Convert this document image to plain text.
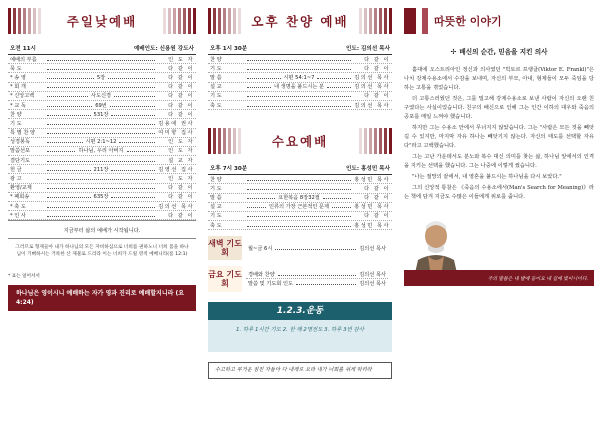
주일낮예배
오전 11시	예배인도: 신용원 강도사
예배의 부름	인 도 자
묵 도	다 같 이
* 송 영	5장	다 같 이
* 회 개	다 같 이
* 신앙고백	사도신경	다 같 이
* 교 독	69번	다 같 이
찬 양	531장	다 같 이
기 도	김용애 권사
특 별 찬 양	여미향 집사
성경봉독	시편 2:1~12	인 도 자
말씀선포	하나님, 우리 아버지	인 도 자
결단기도	설 교 자
헌 금	211장	김영선 집사
광 고	인 도 자
환영/교제	다 같 이
* 폐회송	635장	다 같 이
* 축 도	김의선 목사
* 인 사	다 같 이
지금부터 삶의 예배가 시작됩니다.
그러므로 형제들아 내가 하나님의 모든 자비하심으로 너희를 권하노니 너희 몸을 하나님이 기뻐하시는 거룩한 산 제물로 드리라 이는 너희가 드릴 영적 예배니라(롬 12:1)
* 표는 일어서서
하나님은 영이시니 예배하는 자가 영과 진리로 예배할지니라 (요4:24)
오후 찬양 예배
오후 1시 30분	인도: 김의선 목사
찬 양	다 같 이
기 도	다 같 이
말 씀	시편 54:1~7	김의선 목사
설 교	내 생명을 붙드시는 분	김의선 목사
기 도	다 같 이
축 도	김의선 목사
수요예배
오후 7시 30분	인도: 홍성민 목사
찬 양	홍성민 목사
기 도	다 같 이
말 씀	요한복음 8장32절	다 같 이
설 교	인류의 가장 근본적인 문제	홍성민 목사
기 도	다 같 이
축 도	홍성민 목사
새벽 기도회	월~금 6시	김의선 목사
금요 기도회
경배와 찬양	김의선 목사
말씀 및 기도회 인도	김의선 목사
1.2.3.운동
1. 하루 1시간 기도 2. 한 해 2명전도 3. 하루 3번 감사
수고하고 무거운 짐진 자들아 다 내게로 오라 내가 너희를 쉬게 하리라
따뜻한 이야기
✢ 배신의 순간, 믿음을 지킨 의사

홀대에 오스트리아인 정신과 의사였던 "빅토르 프랭클(Viktor E. Frankl)"은 나치 강제수용소에서 수감을 보내며, 자신의 부모, 아내, 형제들이 모두 죽임을 당하는 고통을 겪었습니다.

더 고통스러웠던 것은, 그를 밀고해 강제수용소로 보낸 사람이 자신의 오랜 친구였다는 사실이었습니다. 친구의 배신으로 인해 그는 인간 이하의 대우와 죽음의 공포를 매일 느껴야 했습니다.

하지만 그는 수용소 안에서 무너지지 않았습니다. 그는 "사람은 모든 것을 빼앗길 수 있지만, 마지막 자유 하나는 빼앗기지 않는다. 자신의 태도를 선택할 자유다"라고 고백했습니다.

그는 고난 가운데서도 분노와 복수 대신 의미를 찾는 삶, 하나님 앞에서의 인격을 지키는 선택을 했습니다. 그는 나중에 이렇게 썼습니다.

"나는 절망의 끝에서, 내 영혼을 붙드시는 하나님을 다시 보았다."

그의 신앙적 통찰은 《죽음의 수용소에서(Man's Search for Meaning)》라는 책에 담겨 지금도 수많은 이들에게 위로를 줍니다.

주의 말씀은 내 발에 등이요 내 길에 빛이니이다.
